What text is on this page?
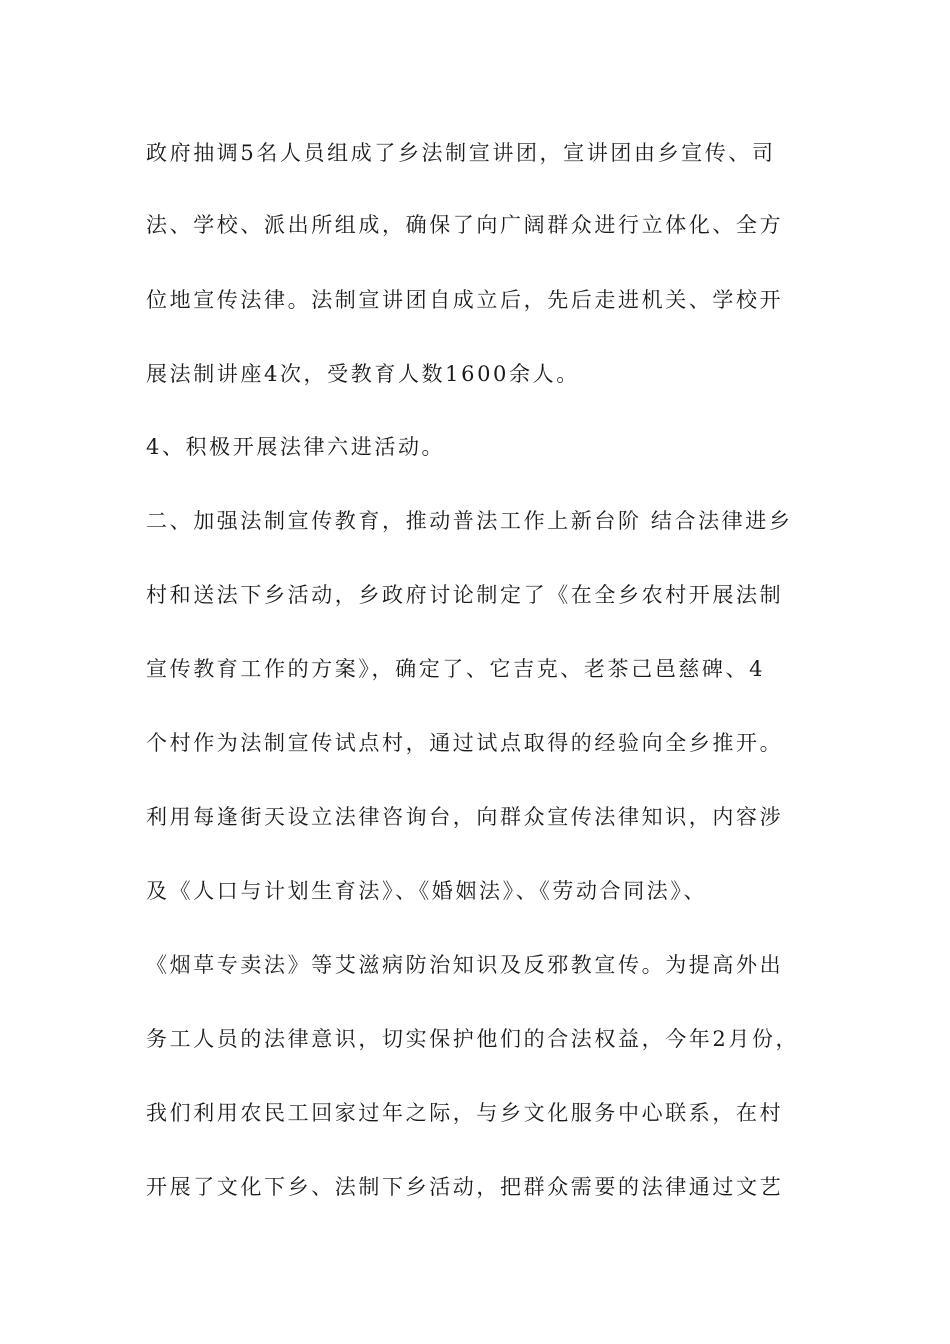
政府抽调5名人员组成了乡法制宣讲团，宣讲团由乡宣传、司
法、学校、派出所组成，确保了向广阔群众进行立体化、全方
位地宣传法律。法制宣讲团自成立后，先后走进机关、学校开
展法制讲座4次，受教育人数1600余人。
4、积极开展法律六进活动。
二、加强法制宣传教育，推动普法工作上新台阶 结合法律进乡
村和送法下乡活动，乡政府讨论制定了《在全乡农村开展法制
宣传教育工作的方案》，确定了、它吉克、老茶己邑慈碑、4
个村作为法制宣传试点村，通过试点取得的经验向全乡推开。
利用每逢街天设立法律咨询台，向群众宣传法律知识，内容涉
及《人口与计划生育法》、《婚姻法》、《劳动合同法》、
《烟草专卖法》等艾滋病防治知识及反邪教宣传。为提高外出
务工人员的法律意识，切实保护他们的合法权益，今年2月份，
我们利用农民工回家过年之际，与乡文化服务中心联系，在村
开展了文化下乡、法制下乡活动，把群众需要的法律通过文艺
